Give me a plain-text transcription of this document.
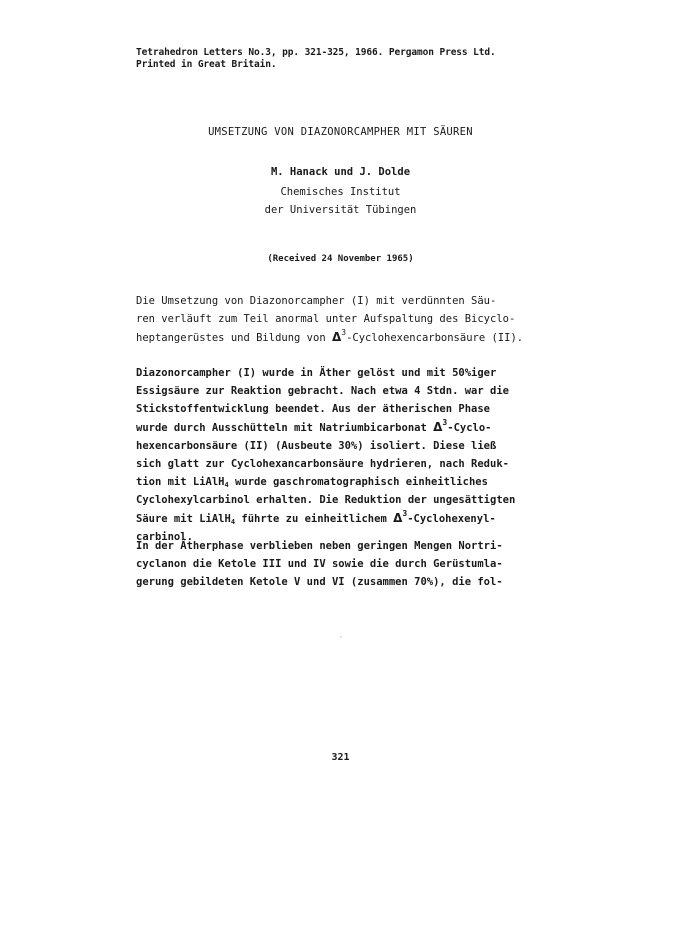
Tetrahedron Letters No.3, pp. 321-325, 1966. Pergamon Press Ltd.
Printed in Great Britain.
UMSETZUNG VON DIAZONORCAMPHER MIT SÄUREN
M. Hanack und J. Dolde
Chemisches Institut
der Universität Tübingen
(Received 24 November 1965)
Die Umsetzung von Diazonorcampher (I) mit verdünnten Säu-
ren verläuft zum Teil anormal unter Aufspaltung des Bicyclo-
heptangerüstes und Bildung von $\Delta^3$-Cyclohexencarbonsäure (II).
Diazonorcampher (I) wurde in Äther gelöst und mit 50%iger
Essigsäure zur Reaktion gebracht. Nach etwa 4 Stdn. war die
Stickstoffentwicklung beendet. Aus der ätherischen Phase
wurde durch Ausschütteln mit Natriumbicarbonat $\Delta^3-Cyclo-$
hexencarbonsäure (II) (Ausbeute 30%) isoliert. Diese ließ
sich glatt zur Cyclohexancarbonsäure hydrieren, nach Reduk-
tion mit LiAlH$_4$ wurde gaschromatographisch einheitliches
Cyclohexylcarbinol erhalten. Die Reduktion der ungesättigten
Säure mit LiAlH$_4$ führte zu einheitlichem $\Delta^3-Cyclohexenyl-$
carbinol.
In der Ätherphase verblieben neben geringen Mengen Nortri-
cyclanon die Ketole III und IV sowie die durch Gerüstumla-
gerung gebildeten Ketole V und VI (zusammen 70%), die fol-
321
